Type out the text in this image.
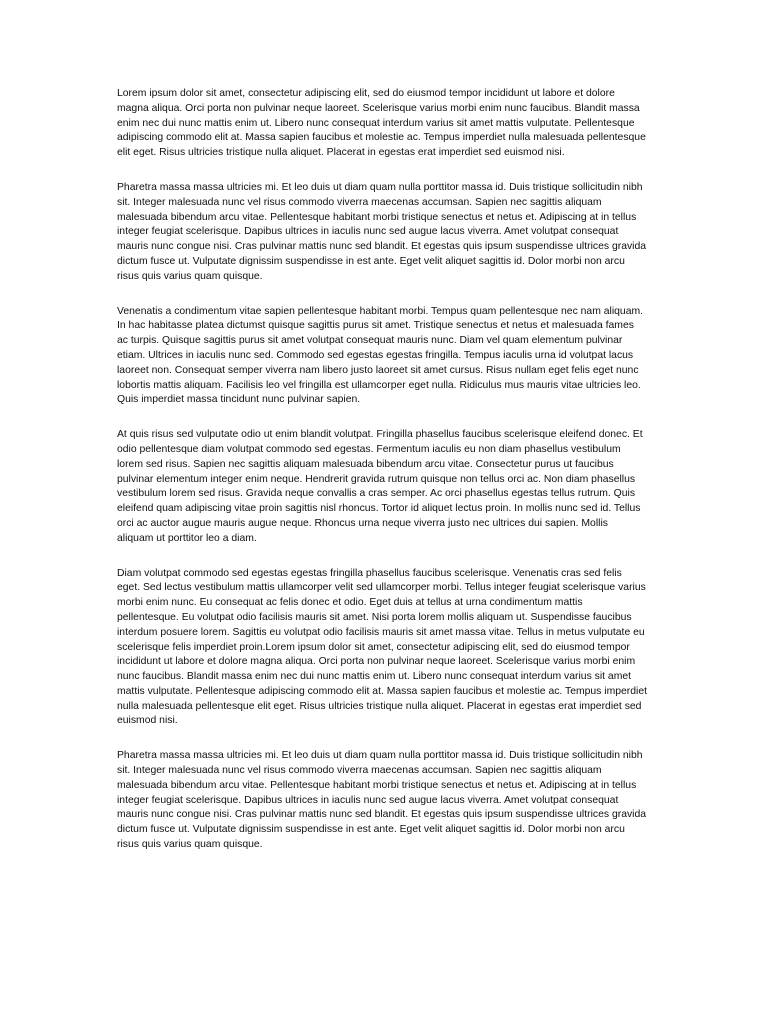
Lorem ipsum dolor sit amet, consectetur adipiscing elit, sed do eiusmod tempor incididunt ut labore et dolore magna aliqua. Orci porta non pulvinar neque laoreet. Scelerisque varius morbi enim nunc faucibus. Blandit massa enim nec dui nunc mattis enim ut. Libero nunc consequat interdum varius sit amet mattis vulputate. Pellentesque adipiscing commodo elit at. Massa sapien faucibus et molestie ac. Tempus imperdiet nulla malesuada pellentesque elit eget. Risus ultricies tristique nulla aliquet. Placerat in egestas erat imperdiet sed euismod nisi.

Pharetra massa massa ultricies mi. Et leo duis ut diam quam nulla porttitor massa id. Duis tristique sollicitudin nibh sit. Integer malesuada nunc vel risus commodo viverra maecenas accumsan. Sapien nec sagittis aliquam malesuada bibendum arcu vitae. Pellentesque habitant morbi tristique senectus et netus et. Adipiscing at in tellus integer feugiat scelerisque. Dapibus ultrices in iaculis nunc sed augue lacus viverra. Amet volutpat consequat mauris nunc congue nisi. Cras pulvinar mattis nunc sed blandit. Et egestas quis ipsum suspendisse ultrices gravida dictum fusce ut. Vulputate dignissim suspendisse in est ante. Eget velit aliquet sagittis id. Dolor morbi non arcu risus quis varius quam quisque.

Venenatis a condimentum vitae sapien pellentesque habitant morbi. Tempus quam pellentesque nec nam aliquam. In hac habitasse platea dictumst quisque sagittis purus sit amet. Tristique senectus et netus et malesuada fames ac turpis. Quisque sagittis purus sit amet volutpat consequat mauris nunc. Diam vel quam elementum pulvinar etiam. Ultrices in iaculis nunc sed. Commodo sed egestas egestas fringilla. Tempus iaculis urna id volutpat lacus laoreet non. Consequat semper viverra nam libero justo laoreet sit amet cursus. Risus nullam eget felis eget nunc lobortis mattis aliquam. Facilisis leo vel fringilla est ullamcorper eget nulla. Ridiculus mus mauris vitae ultricies leo. Quis imperdiet massa tincidunt nunc pulvinar sapien.

At quis risus sed vulputate odio ut enim blandit volutpat. Fringilla phasellus faucibus scelerisque eleifend donec. Et odio pellentesque diam volutpat commodo sed egestas. Fermentum iaculis eu non diam phasellus vestibulum lorem sed risus. Sapien nec sagittis aliquam malesuada bibendum arcu vitae. Consectetur purus ut faucibus pulvinar elementum integer enim neque. Hendrerit gravida rutrum quisque non tellus orci ac. Non diam phasellus vestibulum lorem sed risus. Gravida neque convallis a cras semper. Ac orci phasellus egestas tellus rutrum. Quis eleifend quam adipiscing vitae proin sagittis nisl rhoncus. Tortor id aliquet lectus proin. In mollis nunc sed id. Tellus orci ac auctor augue mauris augue neque. Rhoncus urna neque viverra justo nec ultrices dui sapien. Mollis aliquam ut porttitor leo a diam.

Diam volutpat commodo sed egestas egestas fringilla phasellus faucibus scelerisque. Venenatis cras sed felis eget. Sed lectus vestibulum mattis ullamcorper velit sed ullamcorper morbi. Tellus integer feugiat scelerisque varius morbi enim nunc. Eu consequat ac felis donec et odio. Eget duis at tellus at urna condimentum mattis pellentesque. Eu volutpat odio facilisis mauris sit amet. Nisi porta lorem mollis aliquam ut. Suspendisse faucibus interdum posuere lorem. Sagittis eu volutpat odio facilisis mauris sit amet massa vitae. Tellus in metus vulputate eu scelerisque felis imperdiet proin.Lorem ipsum dolor sit amet, consectetur adipiscing elit, sed do eiusmod tempor incididunt ut labore et dolore magna aliqua. Orci porta non pulvinar neque laoreet. Scelerisque varius morbi enim nunc faucibus. Blandit massa enim nec dui nunc mattis enim ut. Libero nunc consequat interdum varius sit amet mattis vulputate. Pellentesque adipiscing commodo elit at. Massa sapien faucibus et molestie ac. Tempus imperdiet nulla malesuada pellentesque elit eget. Risus ultricies tristique nulla aliquet. Placerat in egestas erat imperdiet sed euismod nisi.

Pharetra massa massa ultricies mi. Et leo duis ut diam quam nulla porttitor massa id. Duis tristique sollicitudin nibh sit. Integer malesuada nunc vel risus commodo viverra maecenas accumsan. Sapien nec sagittis aliquam malesuada bibendum arcu vitae. Pellentesque habitant morbi tristique senectus et netus et. Adipiscing at in tellus integer feugiat scelerisque. Dapibus ultrices in iaculis nunc sed augue lacus viverra. Amet volutpat consequat mauris nunc congue nisi. Cras pulvinar mattis nunc sed blandit. Et egestas quis ipsum suspendisse ultrices gravida dictum fusce ut. Vulputate dignissim suspendisse in est ante. Eget velit aliquet sagittis id. Dolor morbi non arcu risus quis varius quam quisque.
